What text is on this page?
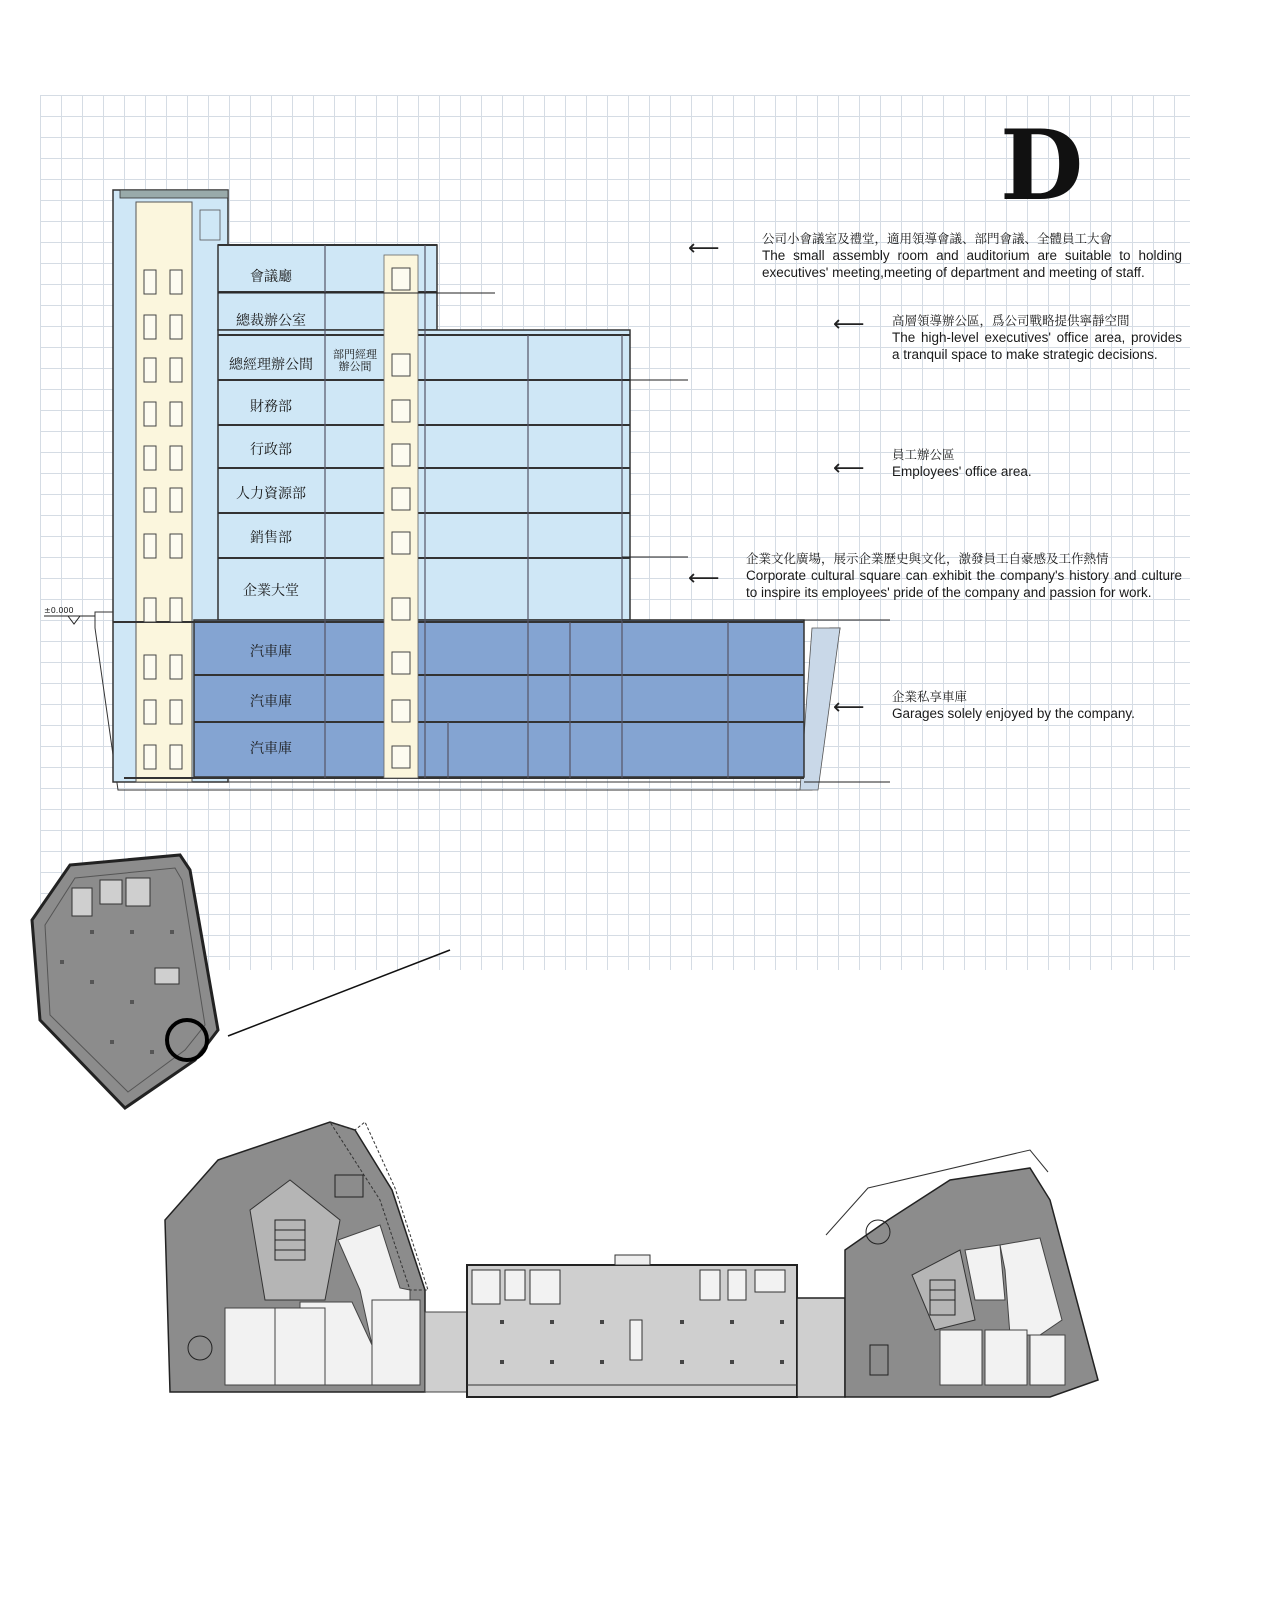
D
±0.000
會議廳
總裁辦公室
總經理辦公間
部門經理辦公間
財務部
行政部
人力資源部
銷售部
企業大堂
汽車庫
汽車庫
汽車庫
⟵	公司小會議室及禮堂，適用領導會議、部門會議、全體員工大會
The small assembly room and auditorium are suitable to holding executives' meeting,meeting of department and meeting of staff.
⟵ 高層領導辦公區，爲公司戰略提供寧靜空間
The high-level executives' office area, provides a tranquil space to make strategic decisions.
⟵
員工辦公區
Employees' office area.
⟵
企業文化廣場，展示企業歷史與文化，激發員工自豪感及工作熱情
Corporate cultural square can exhibit the company's history and culture to inspire its employees' pride of the company and passion for work.
⟵ 企業私享車庫
Garages solely enjoyed by the company.
